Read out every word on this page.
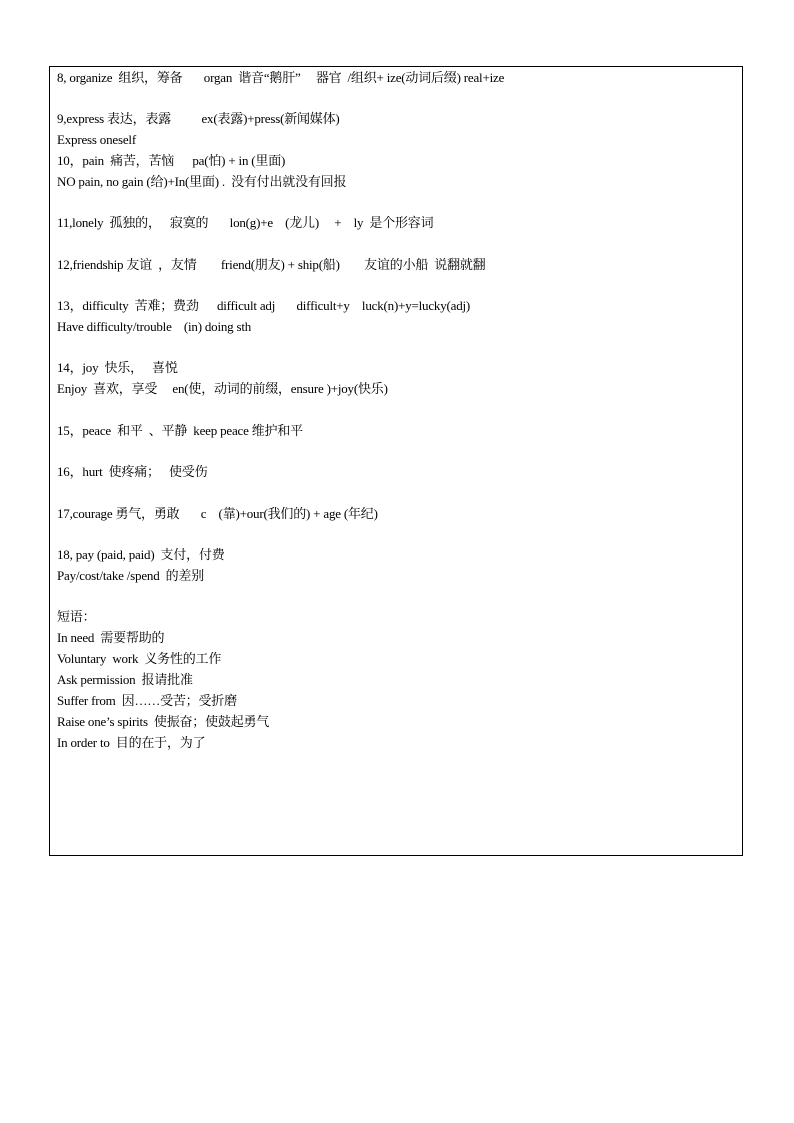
8, organize  组织，筹备       organ  谐音“鹅肝”     器官  /组织+ ize(动词后缀) real+ize
9,express 表达，表露          ex(表露)+press(新闻媒体)
Express oneself
10，pain  痛苦，苦恼      pa(怕) + in (里面)
NO pain, no gain (给)+In(里面) .  没有付出就没有回报
11,lonely  孤独的，   寂寞的       lon(g)+e    (龙儿)     +    ly  是个形容词
12,friendship 友谊  ，友情        friend(朋友) + ship(船)        友谊的小船  说翻就翻
13，difficulty  苦难；费劲      difficult adj       difficult+y    luck(n)+y=lucky(adj)
Have difficulty/trouble    (in) doing sth
14，joy  快乐，   喜悦
Enjoy  喜欢，享受     en(使，动词的前缀，ensure )+joy(快乐)
15，peace  和平  、平静  keep peace 维护和平
16，hurt  使疼痛；   使受伤
17,courage 勇气，勇敢       c    (靠)+our(我们的) + age (年纪)
18, pay (paid, paid)  支付，付费
Pay/cost/take /spend  的差别
短语：
In need  需要帮助的
Voluntary  work  义务性的工作
Ask permission  报请批准
Suffer from  因……受苦；受折磨
Raise one’s spirits  使振奋；使鼓起勇气
In order to  目的在于，为了
